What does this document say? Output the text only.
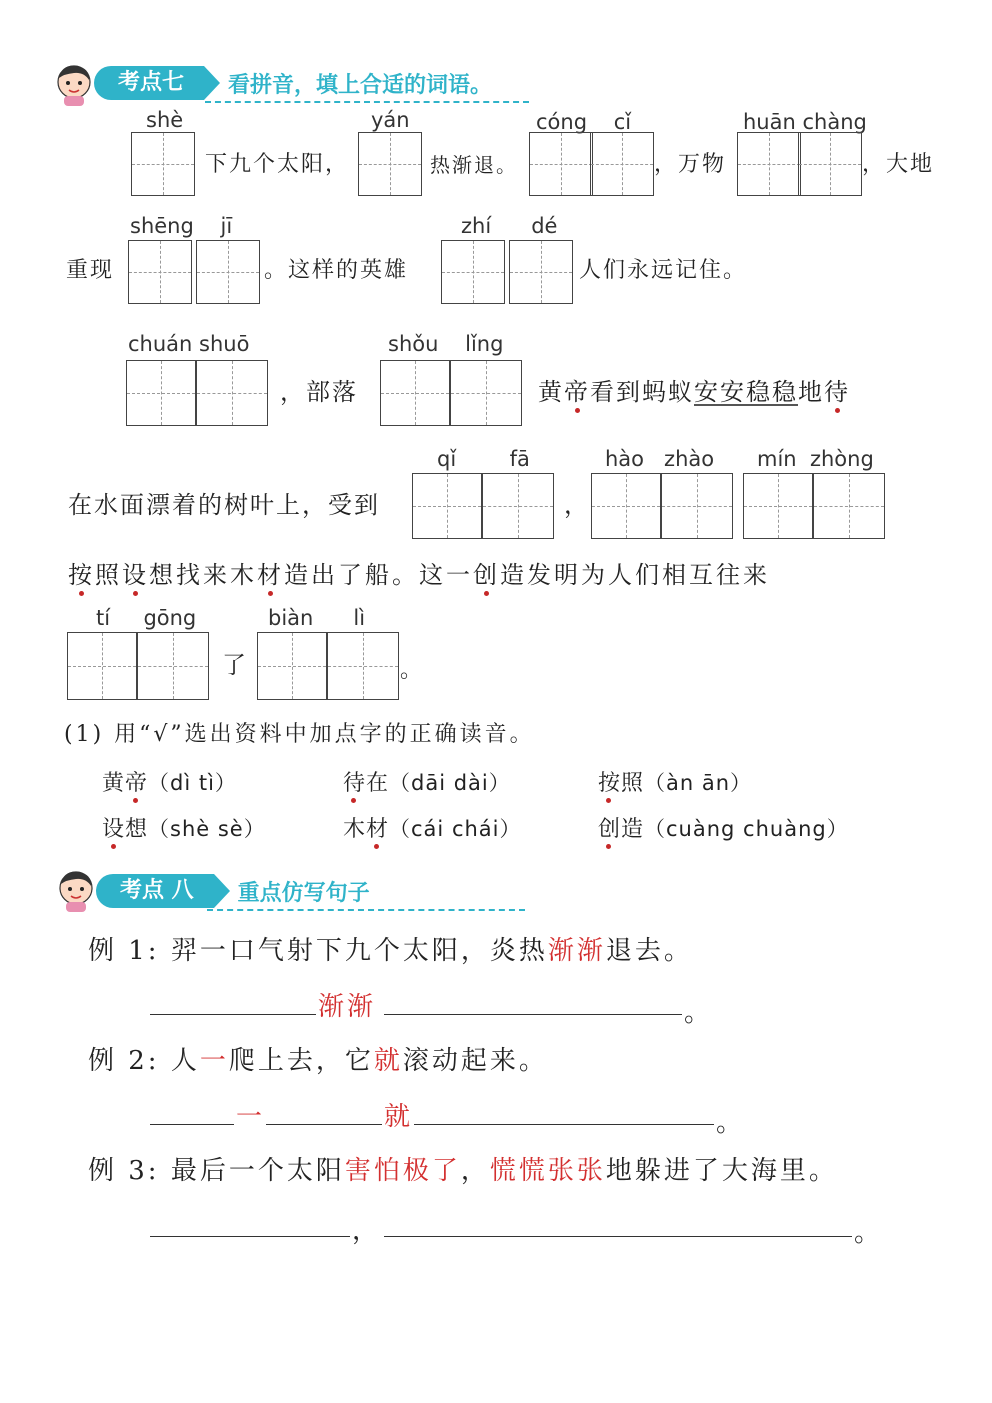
考点七	看拼音，填上合适的词语。
shè
下九个太阳，
yán
热渐退。
cóng    cǐ
，万物
huān chàng
，大地
shēng    jī
重现	。这样的英雄
zhí      dé
人们永远记住。
chuán shuō
，部落
shǒu    lǐng
黄帝看到蚂蚁安安稳稳地待
qǐ        fā
在水面漂着的树叶上，受到	，
hào   zhào mín  zhòng
按照设想找来木材造出了船。这一创造发明为人们相互往来
tí     gōng
了
biàn      lì
。
(1) 用“√”选出资料中加点字的正确读音。
黄帝（dì tì）	待在（dāi dài）	按照（àn ān）
设想（shè sè）	木材（cái chái）	创造（cuàng chuàng）
考点 八	重点仿写句子
例 1: 羿一口气射下九个太阳，炎热渐渐退去。
渐渐	。
例 2: 人一爬上去，它就滚动起来。
一	就	。
例 3: 最后一个太阳害怕极了，慌慌张张地躲进了大海里。
，	。
